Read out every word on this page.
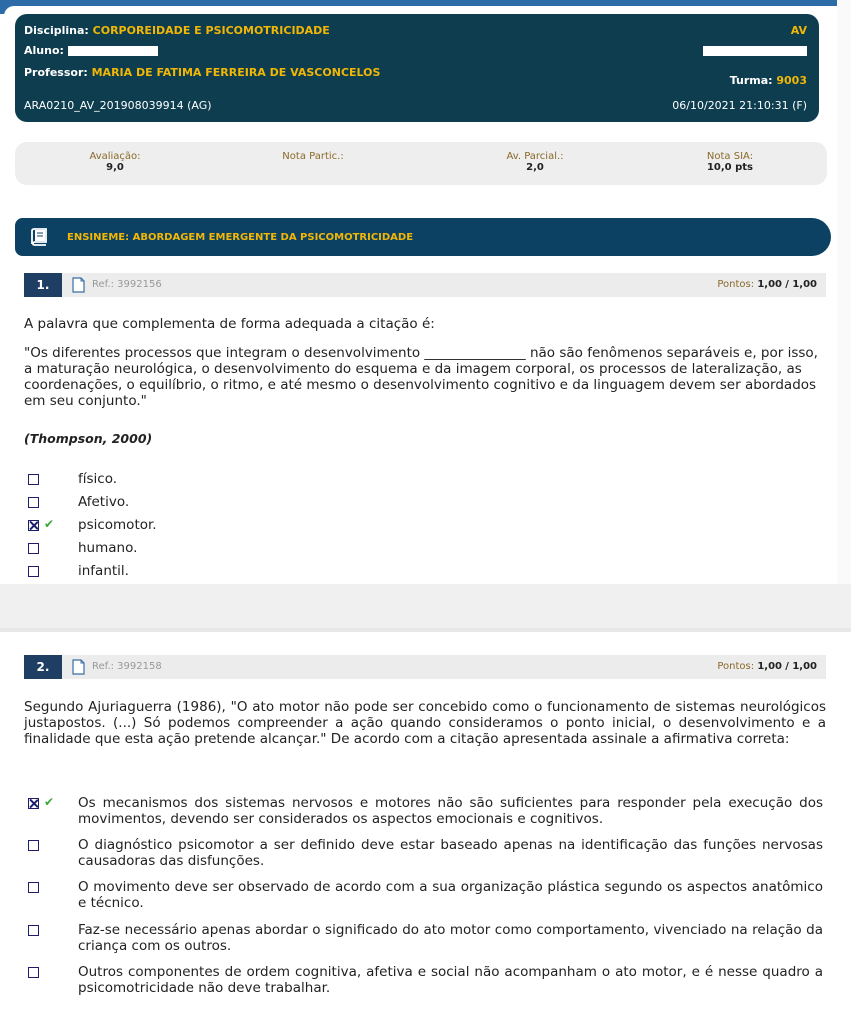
Disciplina: CORPOREIDADE E PSICOMOTRICIDADE	AV
Aluno:
Professor: MARIA DE FATIMA FERREIRA DE VASCONCELOS
Turma: 9003
ARA0210_AV_201908039914 (AG)	06/10/2021 21:10:31 (F)
Avaliação:
9,0
Nota Partic.:	Av. Parcial.:
2,0
Nota SIA:
10,0 pts
ENSINEME: ABORDAGEM EMERGENTE DA PSICOMOTRICIDADE
1.	Ref.: 3992156	Pontos: 1,00 / 1,00
A palavra que complementa de forma adequada a citação é:
"Os diferentes processos que integram o desenvolvimento _______________ não são fenômenos separáveis e, por isso, a maturação neurológica, o desenvolvimento do esquema e da imagem corporal, os processos de lateralização, as coordenações, o equilíbrio, o ritmo, e até mesmo o desenvolvimento cognitivo e da linguagem devem ser abordados em seu conjunto."
(Thompson, 2000)
físico.
Afetivo.
✔ psicomotor.
humano.
infantil.
2.	Ref.: 3992158	Pontos: 1,00 / 1,00
Segundo Ajuriaguerra (1986), "O ato motor não pode ser concebido como o funcionamento de sistemas neurológicos justapostos. (...) Só podemos compreender a ação quando consideramos o ponto inicial, o desenvolvimento e a finalidade que esta ação pretende alcançar." De acordo com a citação apresentada assinale a afirmativa correta:
✔ Os mecanismos dos sistemas nervosos e motores não são suficientes para responder pela execução dos movimentos, devendo ser considerados os aspectos emocionais e cognitivos.
O diagnóstico psicomotor a ser definido deve estar baseado apenas na identificação das funções nervosas causadoras das disfunções.
O movimento deve ser observado de acordo com a sua organização plástica segundo os aspectos anatômico e técnico.
Faz-se necessário apenas abordar o significado do ato motor como comportamento, vivenciado na relação da criança com os outros.
Outros componentes de ordem cognitiva, afetiva e social não acompanham o ato motor, e é nesse quadro a psicomotricidade não deve trabalhar.
